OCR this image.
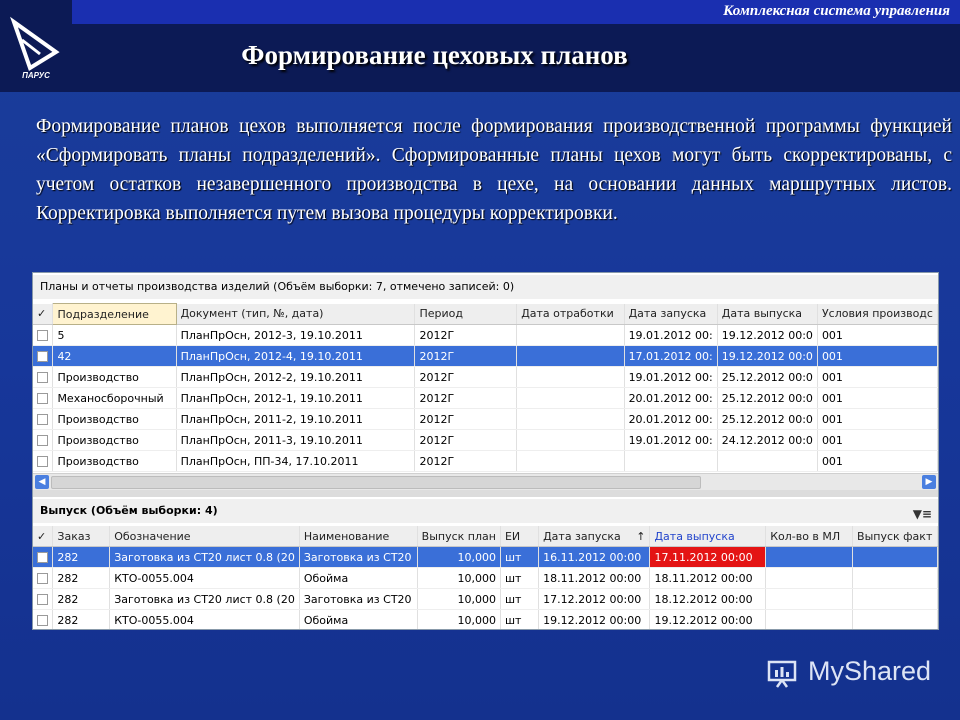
Комплексная система управления
ПАРУС
Формирование цеховых планов
Формирование планов цехов выполняется после формирования производственной программы функцией «Сформировать планы подразделений». Сформированные планы цехов могут быть скорректированы, с учетом остатков незавершенного производства в цехе, на основании данных маршрутных листов. Корректировка выполняется путем вызова процедуры корректировки.
Планы и отчеты производства изделий (Объём выборки: 7, отмечено записей: 0)
✓	Подразделение	Документ (тип, №, дата)	Период	Дата отработки	Дата запуска	Дата выпуска	Условия производс
	5	ПланПрОсн, 2012-3, 19.10.2011	2012Г		19.01.2012 00:	19.12.2012 00:0	001
	42	ПланПрОсн, 2012-4, 19.10.2011	2012Г		17.01.2012 00:	19.12.2012 00:0	001
	Производство	ПланПрОсн, 2012-2, 19.10.2011	2012Г		19.01.2012 00:	25.12.2012 00:0	001
	Механосборочный	ПланПрОсн, 2012-1, 19.10.2011	2012Г		20.01.2012 00:	25.12.2012 00:0	001
	Производство	ПланПрОсн, 2011-2, 19.10.2011	2012Г		20.01.2012 00:	25.12.2012 00:0	001
	Производство	ПланПрОсн, 2011-3, 19.10.2011	2012Г		19.01.2012 00:	24.12.2012 00:0	001
	Производство	ПланПрОсн, ПП-34, 17.10.2011	2012Г				001
◀	▶
Выпуск (Объём выборки: 4)	▼≡
✓	Заказ	Обозначение	Наименование	Выпуск план	ЕИ	Дата запуска ↑	Дата выпуска	Кол-во в МЛ	Выпуск факт
	282	Заготовка из СТ20 лист 0.8 (20	Заготовка из СТ20	10,000	шт	16.11.2012 00:00	17.11.2012 00:00		
	282	КТО-0055.004	Обойма	10,000	шт	18.11.2012 00:00	18.11.2012 00:00		
	282	Заготовка из СТ20 лист 0.8 (20	Заготовка из СТ20	10,000	шт	17.12.2012 00:00	18.12.2012 00:00		
	282	КТО-0055.004	Обойма	10,000	шт	19.12.2012 00:00	19.12.2012 00:00		
MyShared
